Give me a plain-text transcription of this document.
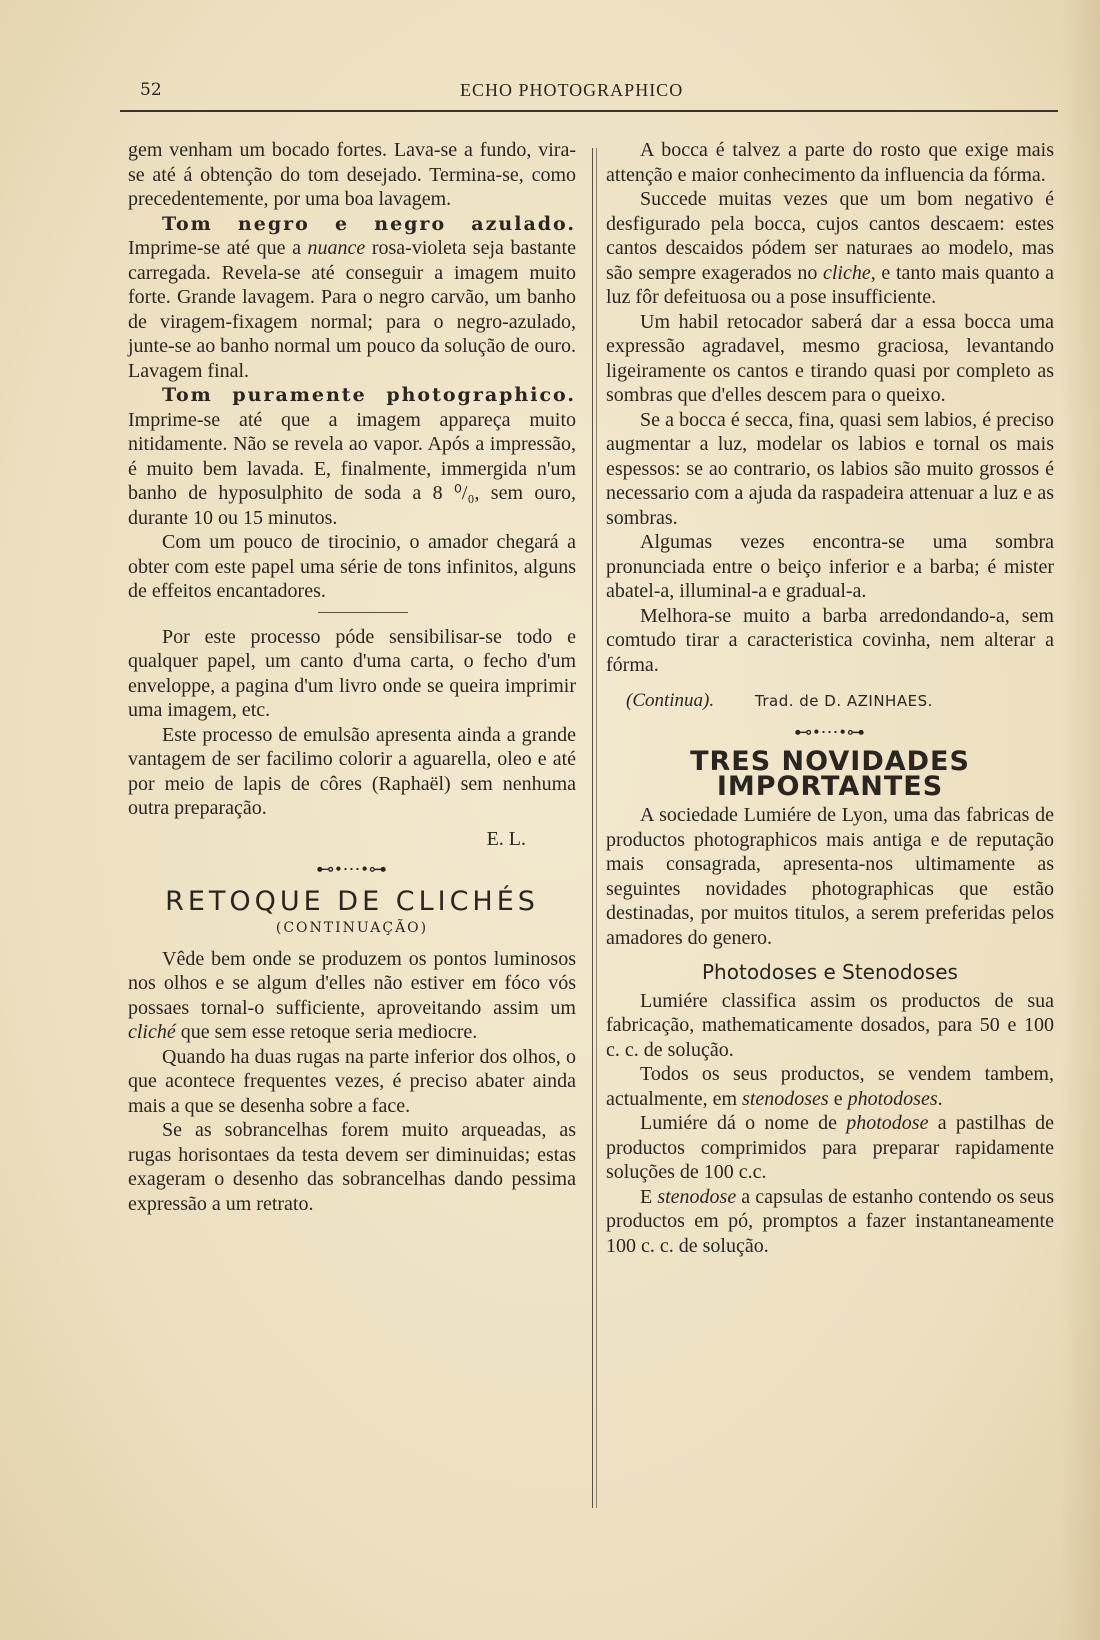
52	ECHO PHOTOGRAPHICO

gem venham um bocado fortes. Lava-se a fundo, vira-se até á obtenção do tom desejado. Termina-se, como precedentemente, por uma boa lavagem.

Tom negro e negro azulado. Imprime-se até que a nuance rosa-violeta seja bastante carregada. Revela-se até conseguir a imagem muito forte. Grande lavagem. Para o negro carvão, um banho de viragem-fixagem normal; para o negro-azulado, junte-se ao banho normal um pouco da solução de ouro. Lavagem final.

Tom puramente photographico. Imprime-se até que a imagem appareça muito nitidamente. Não se revela ao vapor. Após a impressão, é muito bem lavada. E, finalmente, immergida n'um banho de hyposulphito de soda a 8 ⁰/₀, sem ouro, durante 10 ou 15 minutos.

Com um pouco de tirocinio, o amador chegará a obter com este papel uma série de tons infinitos, alguns de effeitos encantadores.

Por este processo póde sensibilisar-se todo e qualquer papel, um canto d'uma carta, o fecho d'um enveloppe, a pagina d'um livro onde se queira imprimir uma imagem, etc.

Este processo de emulsão apresenta ainda a grande vantagem de ser facilimo colorir a aguarella, oleo e até por meio de lapis de côres (Raphaël) sem nenhuma outra preparação.

E. L.
⊷•⋯•⊶
RETOQUE DE CLICHÉS
(CONTINUAÇÃO)

Vêde bem onde se produzem os pontos luminosos nos olhos e se algum d'elles não estiver em fóco vós possaes tornal-o sufficiente, aproveitando assim um cliché que sem esse retoque seria mediocre.

Quando ha duas rugas na parte inferior dos olhos, o que acontece frequentes vezes, é preciso abater ainda mais a que se desenha sobre a face.

Se as sobrancelhas forem muito arqueadas, as rugas horisontaes da testa devem ser diminuidas; estas exageram o desenho das sobrancelhas dando pessima expressão a um retrato.

A bocca é talvez a parte do rosto que exige mais attenção e maior conhecimento da influencia da fórma.

Succede muitas vezes que um bom negativo é desfigurado pela bocca, cujos cantos descaem: estes cantos descaidos pódem ser naturaes ao modelo, mas são sempre exagerados no cliche, e tanto mais quanto a luz fôr defeituosa ou a pose insufficiente.

Um habil retocador saberá dar a essa bocca uma expressão agradavel, mesmo graciosa, levantando ligeiramente os cantos e tirando quasi por completo as sombras que d'elles descem para o queixo.

Se a bocca é secca, fina, quasi sem labios, é preciso augmentar a luz, modelar os labios e tornal os mais espessos: se ao contrario, os labios são muito grossos é necessario com a ajuda da raspadeira attenuar a luz e as sombras.

Algumas vezes encontra-se uma sombra pronunciada entre o beiço inferior e a barba; é mister abatel-a, illuminal-a e gradual-a.

Melhora-se muito a barba arredondando-a, sem comtudo tirar a caracteristica covinha, nem alterar a fórma.

(Continua).	Trad. de D. AZINHAES.
⊷•⋯•⊶
TRES NOVIDADES IMPORTANTES

A sociedade Lumiére de Lyon, uma das fabricas de productos photographicos mais antiga e de reputação mais consagrada, apresenta-nos ultimamente as seguintes novidades photographicas que estão destinadas, por muitos titulos, a serem preferidas pelos amadores do genero.

Photodoses e Stenodoses

Lumiére classifica assim os productos de sua fabricação, mathematicamente dosados, para 50 e 100 c. c. de solução.

Todos os seus productos, se vendem tambem, actualmente, em stenodoses e photodoses.

Lumiére dá o nome de photodose a pastilhas de productos comprimidos para preparar rapidamente soluções de 100 c.c.

E stenodose a capsulas de estanho contendo os seus productos em pó, promptos a fazer instantaneamente 100 c. c. de solução.
